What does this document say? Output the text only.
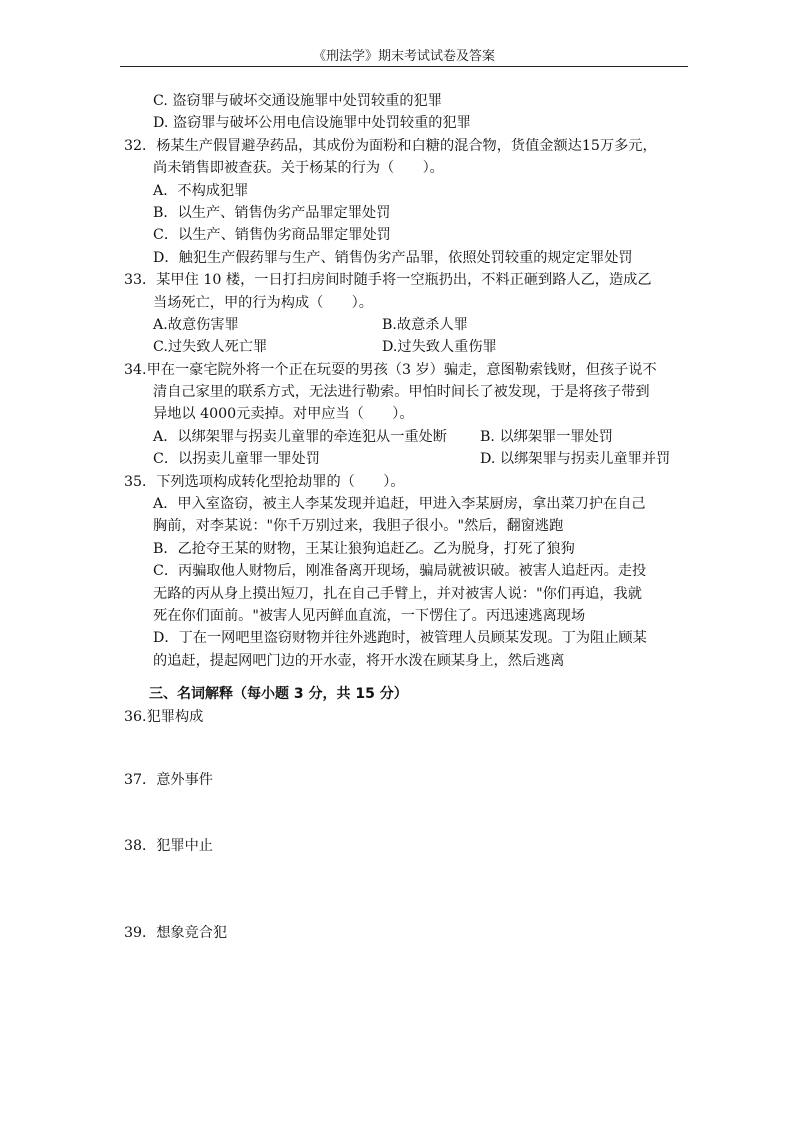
《刑法学》期末考试试卷及答案
C. 盗窃罪与破坏交通设施罪中处罚较重的犯罪
D. 盗窃罪与破坏公用电信设施罪中处罚较重的犯罪
32．杨某生产假冒避孕药品，其成份为面粉和白糖的混合物，货值金额达15万多元，
尚未销售即被查获。关于杨某的行为（　　）。
A．不构成犯罪
B．以生产、销售伪劣产品罪定罪处罚
C．以生产、销售伪劣商品罪定罪处罚
D．触犯生产假药罪与生产、销售伪劣产品罪，依照处罚较重的规定定罪处罚
33．某甲住 10 楼，一日打扫房间时随手将一空瓶扔出，不料正砸到路人乙，造成乙
当场死亡，甲的行为构成（　　）。
A.故意伤害罪	B.故意杀人罪
C.过失致人死亡罪	D.过失致人重伤罪
34.甲在一豪宅院外将一个正在玩耍的男孩（3 岁）骗走，意图勒索钱财，但孩子说不
清自己家里的联系方式，无法进行勒索。甲怕时间长了被发现，于是将孩子带到
异地以 4000元卖掉。对甲应当（　　）。
A．以绑架罪与拐卖儿童罪的牵连犯从一重处断	B. 以绑架罪一罪处罚
C．以拐卖儿童罪一罪处罚	D. 以绑架罪与拐卖儿童罪并罚
35．下列选项构成转化型抢劫罪的（　　）。
A．甲入室盗窃，被主人李某发现并追赶，甲进入李某厨房，拿出菜刀护在自己
胸前，对李某说："你千万别过来，我胆子很小。"然后，翻窗逃跑
B．乙抢夺王某的财物，王某让狼狗追赶乙。乙为脱身，打死了狼狗
C．丙骗取他人财物后，刚准备离开现场，骗局就被识破。被害人追赶丙。走投
无路的丙从身上摸出短刀，扎在自己手臂上，并对被害人说："你们再追，我就
死在你们面前。"被害人见丙鲜血直流，一下愣住了。丙迅速逃离现场
D．丁在一网吧里盗窃财物并往外逃跑时，被管理人员顾某发现。丁为阻止顾某
的追赶，提起网吧门边的开水壶，将开水泼在顾某身上，然后逃离
三、名词解释（每小题 3 分，共 15 分）
36.犯罪构成
37．意外事件
38．犯罪中止
39．想象竞合犯
